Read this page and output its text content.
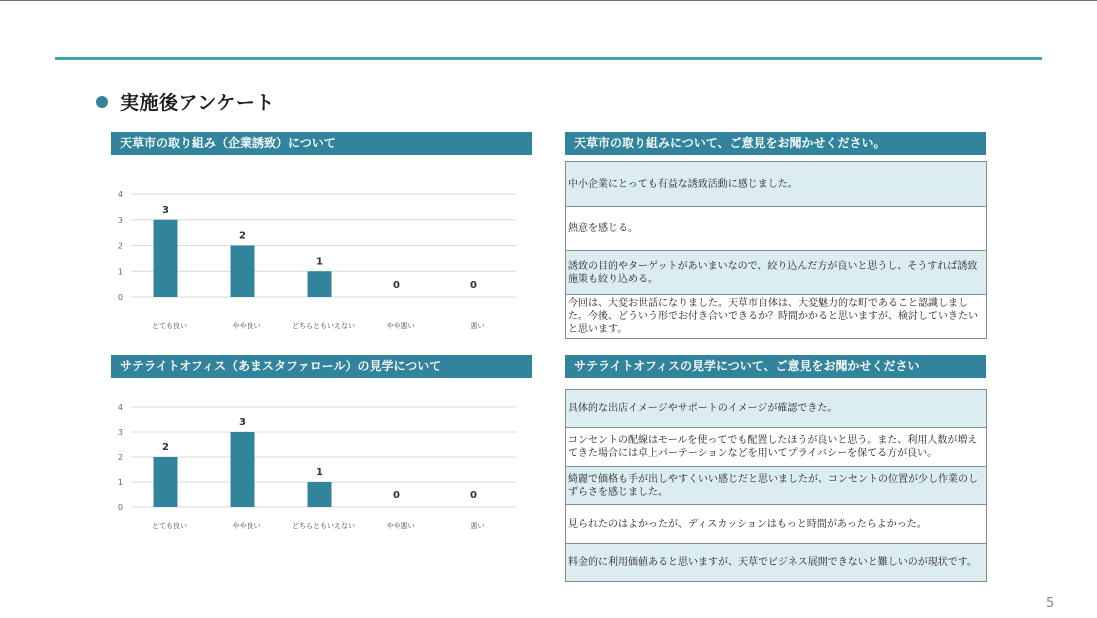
実施後アンケート
天草市の取り組み（企業誘致）について
0
1
2
3
4
3
とても良い
2
やや良い
1
どちらともいえない
0
やや悪い
0
悪い
天草市の取り組みについて、ご意見をお聞かせください。
中小企業にとっても有益な誘致活動に感じました。
熱意を感じる。
誘致の目的やターゲットがあいまいなので、絞り込んだ方が良いと思うし、そうすれば誘致施策も絞り込める。
今回は、大変お世話になりました。天草市自体は、大変魅力的な町であること認識しました。今後、どういう形でお付き合いできるか？時間かかると思いますが、検討していきたいと思います。
サテライトオフィス（あまスタファロール）の見学について
0
1
2
3
4
2
とても良い
3
やや良い
1
どちらともいえない
0
やや悪い
0
悪い
サテライトオフィスの見学について、ご意見をお聞かせください
具体的な出店イメージやサポートのイメージが確認できた。
コンセントの配線はモールを使ってでも配置したほうが良いと思う。また、利用人数が増えてきた場合には卓上パーテーションなどを用いてプライバシーを保てる方が良い。
綺麗で価格も手が出しやすくいい感じだと思いましたが、コンセントの位置が少し作業のしずらさを感じました。
見られたのはよかったが、ディスカッションはもっと時間があったらよかった。
料金的に利用価値あると思いますが、天草でビジネス展開できないと難しいのが現状です。
5
